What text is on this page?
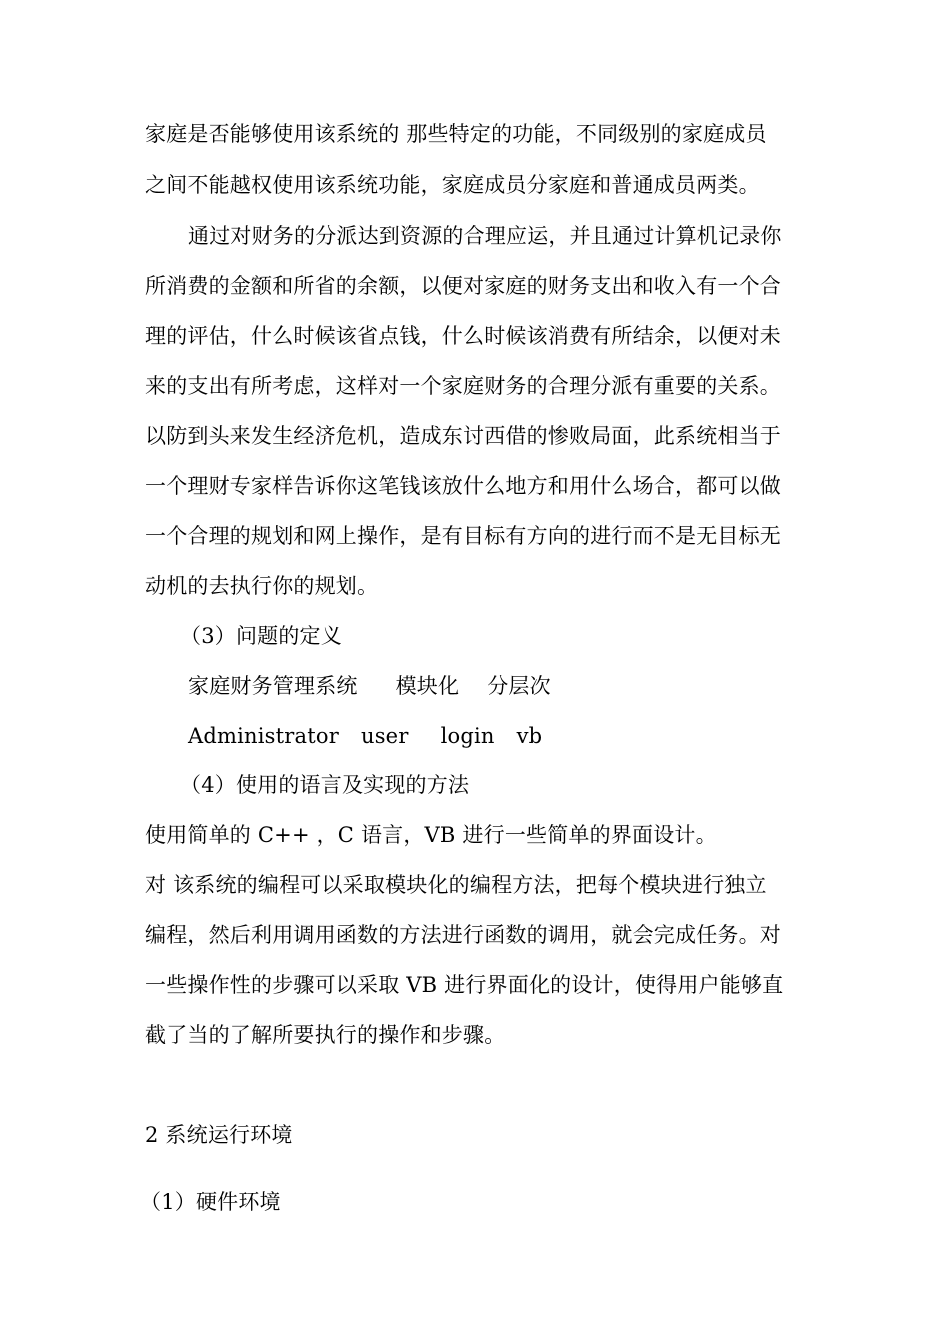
家庭是否能够使用该系统的 那些特定的功能，不同级别的家庭成员
之间不能越权使用该系统功能，家庭成员分家庭和普通成员两类。
通过对财务的分派达到资源的合理应运，并且通过计算机记录你
所消费的金额和所省的余额，以便对家庭的财务支出和收入有一个合
理的评估，什么时候该省点钱，什么时候该消费有所结余，以便对未
来的支出有所考虑，这样对一个家庭财务的合理分派有重要的关系。
以防到头来发生经济危机，造成东讨西借的惨败局面，此系统相当于
一个理财专家样告诉你这笔钱该放什么地方和用什么场合，都可以做
一个合理的规划和网上操作，是有目标有方向的进行而不是无目标无
动机的去执行你的规划。
（3）问题的定义
家庭财务管理系统 模块化 分层次
Administrator user login vb
（4）使用的语言及实现的方法
使用简单的 C++ ，C 语言，VB 进行一些简单的界面设计。
对 该系统的编程可以采取模块化的编程方法，把每个模块进行独立
编程，然后利用调用函数的方法进行函数的调用，就会完成任务。对
一些操作性的步骤可以采取 VB 进行界面化的设计，使得用户能够直
截了当的了解所要执行的操作和步骤。
2 系统运行环境
（1）硬件环境
